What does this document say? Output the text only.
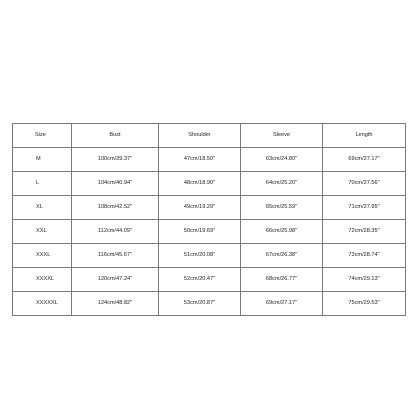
Size	Bust	Shoulder	Sleeve	Length
M	100cm/39.37"	47cm/18.50"	63cm/24.80"	69cm/27.17"
L	104cm/40.94"	48cm/18.90"	64cm/25.20"	70cm/27.56"
XL	108cm/42.52"	49cm/19.29"	65cm/25.59"	71cm/27.95"
XXL	112cm/44.09"	50cm/19.69"	66cm/25.98"	72cm/28.35"
XXXL	116cm/45.67"	51cm/20.08"	67cm/26.38"	73cm/28.74"
XXXXL	120cm/47.24"	52cm/20.47"	68cm/26.77"	74cm/29.13"
XXXXXL	124cm/48.82"	53cm/20.87"	69cm/27.17"	75cm/29.53"
